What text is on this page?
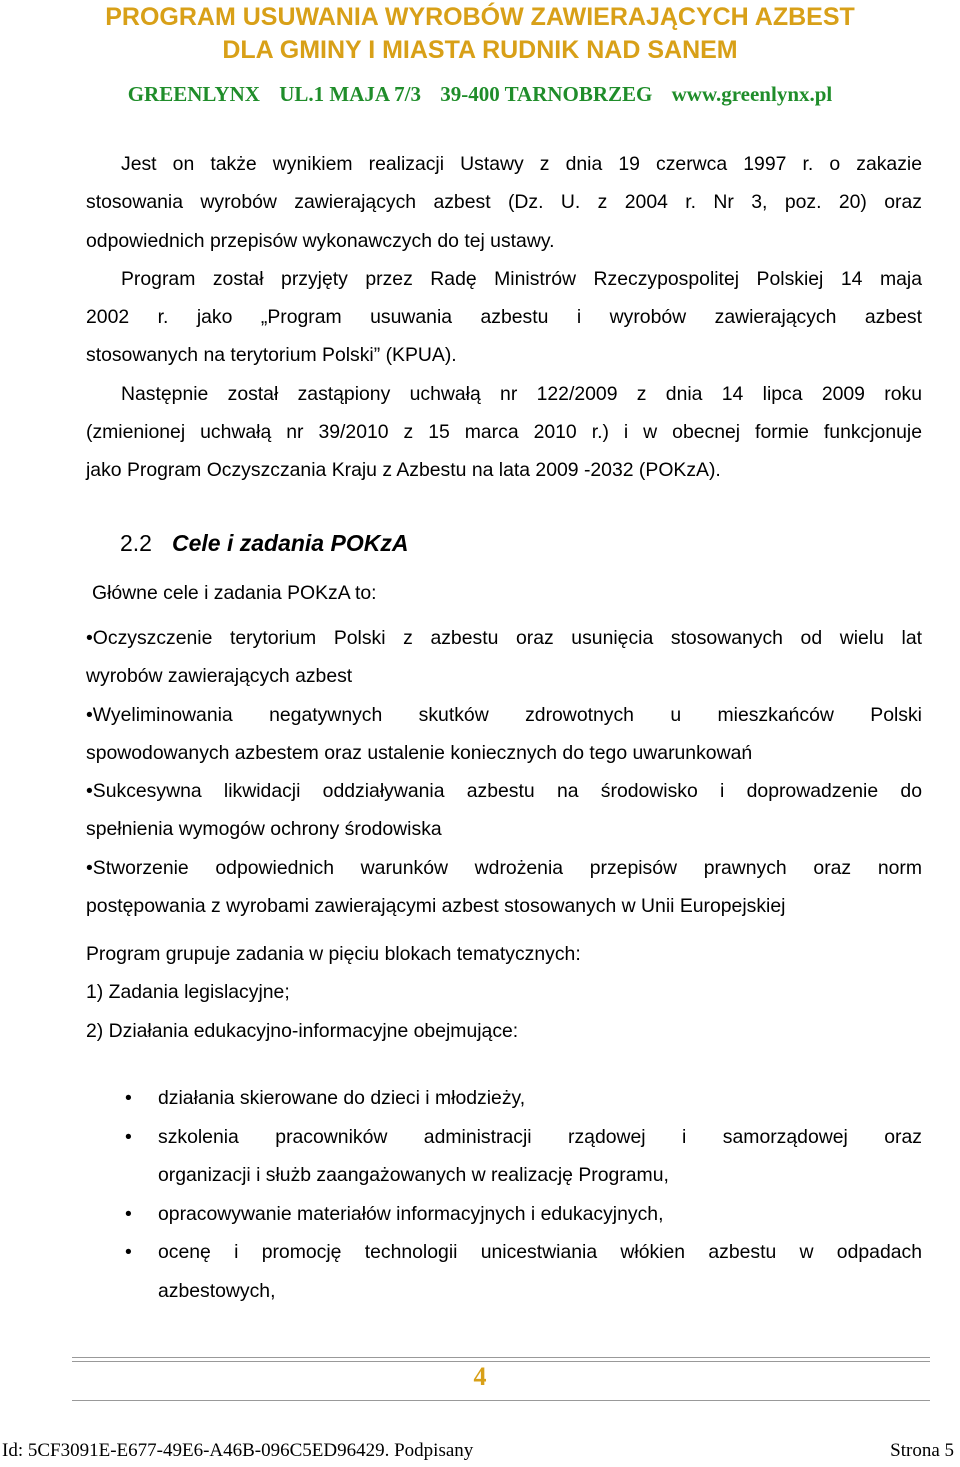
PROGRAM USUWANIA WYROBÓW ZAWIERAJĄCYCH AZBEST
DLA GMINY I MIASTA RUDNIK NAD SANEM
GREENLYNX UL.1 MAJA 7/3 39-400 TARNOBRZEG www.greenlynx.pl
Jest on także wynikiem realizacji Ustawy z dnia 19 czerwca 1997 r. o zakazie
stosowania wyrobów zawierających azbest (Dz. U. z 2004 r. Nr 3, poz. 20) oraz
odpowiednich przepisów wykonawczych do tej ustawy.
Program został przyjęty przez Radę Ministrów Rzeczypospolitej Polskiej 14 maja
2002 r. jako „Program usuwania azbestu i wyrobów zawierających azbest
stosowanych na terytorium Polski” (KPUA).
Następnie został zastąpiony uchwałą nr 122/2009 z dnia 14 lipca 2009 roku
(zmienionej uchwałą nr 39/2010 z 15 marca 2010 r.) i w obecnej formie funkcjonuje
jako Program Oczyszczania Kraju z Azbestu na lata 2009 -2032 (POKzA).
2.2 Cele i zadania POKzA
Główne cele i zadania POKzA to:
•Oczyszczenie terytorium Polski z azbestu oraz usunięcia stosowanych od wielu lat
wyrobów zawierających azbest
•Wyeliminowania negatywnych skutków zdrowotnych u mieszkańców Polski
spowodowanych azbestem oraz ustalenie koniecznych do tego uwarunkowań
•Sukcesywna likwidacji oddziaływania azbestu na środowisko i doprowadzenie do
spełnienia wymogów ochrony środowiska
•Stworzenie odpowiednich warunków wdrożenia przepisów prawnych oraz norm
postępowania z wyrobami zawierającymi azbest stosowanych w Unii Europejskiej
Program grupuje zadania w pięciu blokach tematycznych:
1) Zadania legislacyjne;
2) Działania edukacyjno-informacyjne obejmujące:
• działania skierowane do dzieci i młodzieży,
• szkolenia pracowników administracji rządowej i samorządowej oraz
organizacji i służb zaangażowanych w realizację Programu,
• opracowywanie materiałów informacyjnych i edukacyjnych,
• ocenę i promocję technologii unicestwiania włókien azbestu w odpadach
azbestowych,
4
Id: 5CF3091E-E677-49E6-A46B-096C5ED96429. Podpisany	Strona 5
